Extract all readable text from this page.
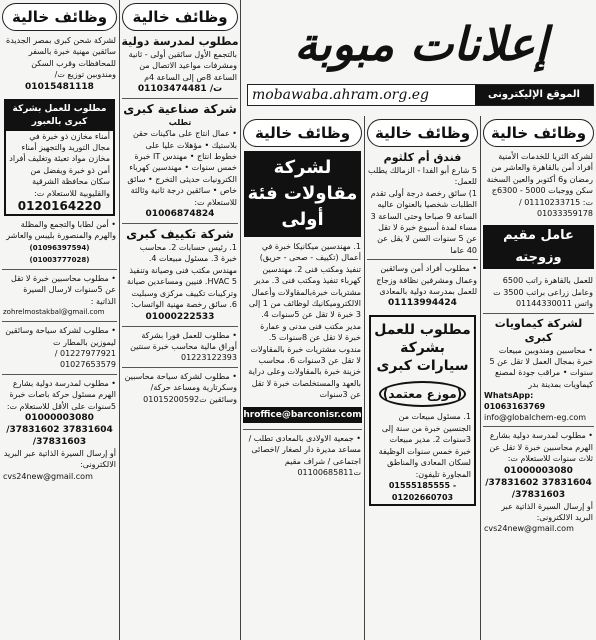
إعلانات مبوبة
mobawaba.ahram.org.eg	الموقع الإليكترونى
وظائف خالية
لشركة الثريا للخدمات الأمنية أفراد أمن بالقاهرة والعاشر من رمضان و6 أكتوبر والعين السخنة سكن ووجبات 5000 - 6300ج ت: 01110233715 / 01033359178
عامل مقيم وزوجته
للعمل بالقاهرة راتب 6500 وعامل زراعى براتب 3500 ت واتس 01144330011
لشركة كيماويات كبرى
• محاسبين ومندوبين مبيعات خبرة بمجال العمل لا تقل عن 5 سنوات • مراقب جودة لمصنع كيماويات بمدينة بدر
WhatsApp: 01063163769
info@globalchem-eg.com
• مطلوب لمدرسة دولية بشارع الهرم محاسبين خبرة لا تقل عن ثلاث سنوات للاستعلام ت:
01000003080 /37831602 37831604 /37831603
أو إرسال السيرة الذاتية عبر البريد الالكترونى:
cvs24new@gmail.com
وظائف خالية
فندق أم كلثوم
5 شارع أبو الفدا - الزمالك يطلب للعمل:
1) سائق رخصة درجة أولى تقدم الطلبات شخصيا بالعنوان عاليه الساعة 9 صباحا وحتى الساعة 3 مساء لمدة أسبوع خبرة لا تقل عن 5 سنوات السن لا يقل عن 40 عاما
• مطلوب أفراد أمن وسائقين وعمال ومشرفين نظافة وزجاج للعمل بمدرسة دولية بالمعادى
01113994424
مطلوب للعمل بشركة سيارات كبرى
(موزع معتمد)
1. مسئول مبيعات من الجنسين خبرة من سنة إلى 3سنوات 2. مدير مبيعات خبرة خمس سنوات الوظيفة لسكان المعادى والمناطق المجاورة تليفون:
01555185555 - 01202660703
وظائف خالية
لشركة مقاولات فئة أولى
1. مهندسين ميكانيكا خبرة في أعمال (تكييف - صحى - حريق) تنفيذ ومكتب فنى 2. مهندسين كهرباء تنفيذ ومكتب فنى 3. مدير مشتريات خبرةبالمقاولات وأعمال الالكتروميكانيك لوظائف من 1 إلى 3 خبرة لا تقل عن 5سنوات 4. مدير مكتب فنى مدنى و عمارة خبرة لا تقل عن 8سنوات 5. مندوب مشتريات خبرة بالمقاولات لا تقل عن 3سنوات 6. محاسب خزينة خبرة بالمقاولات وعلى دراية بالعهد والمستخلصات خبرة لا تقل عن 3سنوات
hroffice@barconisr.com
• جمعية الاولادى بالمعادى تطلب / مساعد مديرة دار لصغار /اخصائى اجتماعى / شراف مقيم ت01100685811
وظائف خالية
مطلوب لمدرسة دولية
بالتجمع الأول سائقين أولى - ثانية ومشرفات مواعيد الاتصال من الساعة 8ص إلى الساعة 4م
ت/ 01103474481
شركة صناعية كبرى
تطلب
• عمال انتاج على ماكينات حقن بلاستيك • مؤهلات عليا على خطوط انتاج • مهندس IT خبرة خمس سنوات • مهندسين كهرباء الكترونيات حديثى التخرج • سائق خاص • سائقين درجة ثانية وثالثة للاستعلام ت:
01006874824
شركة تكييف كبرى
1. رئيس حسابات 2. محاسب خبرة 3. مسئول مبيعات 4. مهندس مكتب فنى وصيانة وتنفيذ HVAC 5. فنيين ومساعدين صيانة وتركيبات تكييف مركزى وسبليت 6. سائق رخصة مهنية الواتساب:
01000222533
• مطلوب للعمل فورا بشركة أوراق مالية محاسب خبرة سنتين 01223122393
• مطلوب لشركة سياحة محاسبين وسكرتارية ومساعد حركة/ وسائقين ت01015200592
وظائف خالية
لشركة شحن كبرى بمصر الجديدة سائقين مهنية خبرة بالسفر للمحافظات وقرب السكن ومندوبين توزيع ت/
01015481118
مطلوب للعمل بشركة كبرى بالعبور
أمناء مخازن ذو خبرة في مجال التوريد والتجهيز أمناء مخازن مواد تعبئة وتغليف أفراد أمن ذو خبرة ويفضل من سكان محافظة الشرقية والقليوبية للاستعلام ت:
0120164220
• أمن لطابا والتجمع والمظلة والهرم والمنصورة بليبس والعاشر
(01096397594) (01003777028)
• مطلوب محاسبين خبرة لا تقل عن 5سنوات لارسال السيرة الذاتية :
zohrelmostakbal@gmail.com
• مطلوب لشركة سياحة وسائقين ليموزين بالمطار ت 01227977921 / 01027653579
• مطلوب لمدرسة دولية بشارع الهرم مسئول حركة باصات خبرة 5سنوات على الأقل للاستعلام ت:
01000003080 /37831602 37831604 /37831603
أو إرسال السيرة الذاتية عبر البريد الالكترونى:
cvs24new@gmail.com
